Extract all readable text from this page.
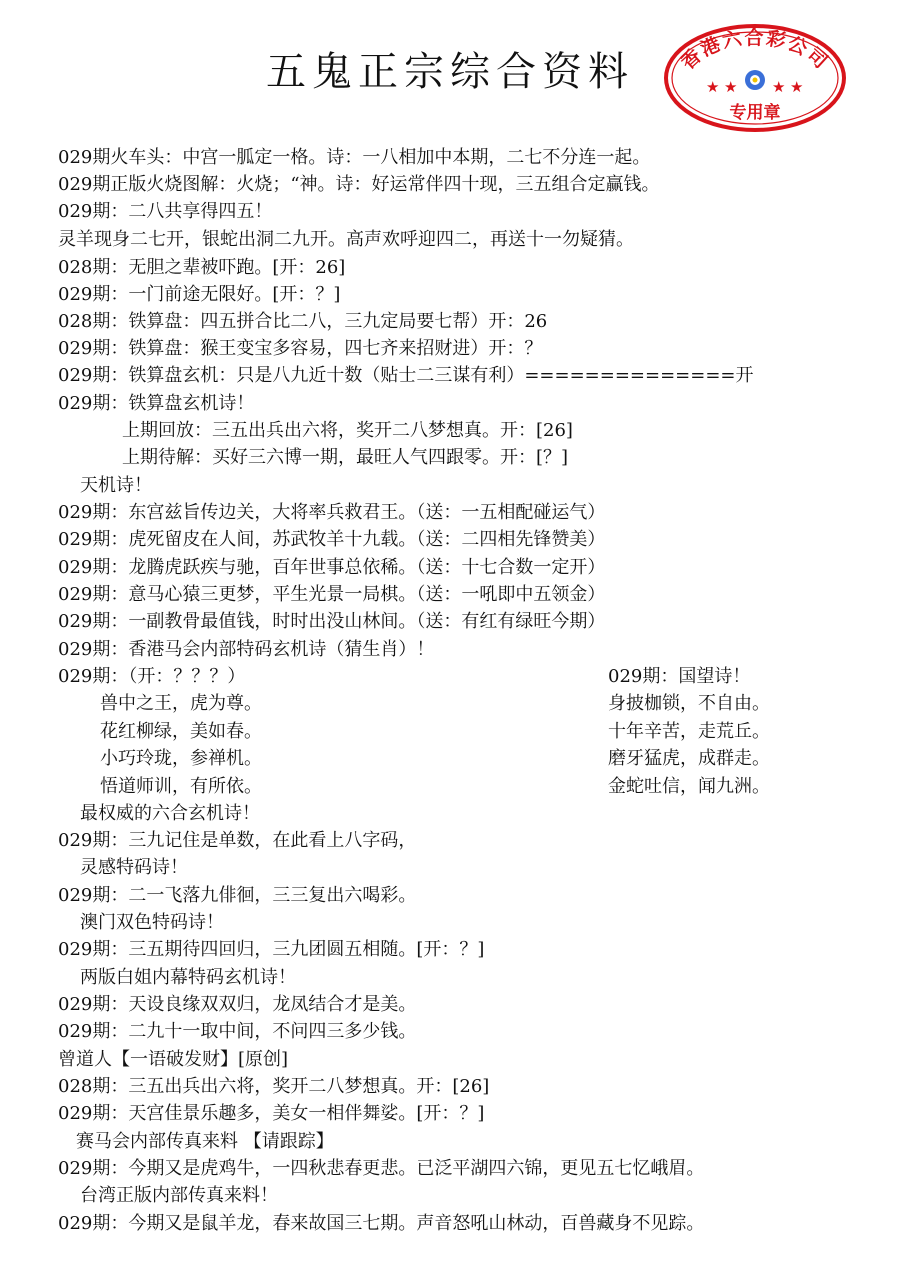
五鬼正宗综合资料	香港六合彩公司
★ ★ ★ ★
专用章
029期火车头：中宫一胍定一格。诗：一八相加中本期，二七不分连一起。
029期正版火烧图解：火烧；“神。诗：好运常伴四十现，三五组合定赢钱。
029期：二八共享得四五！
灵羊现身二七开，银蛇出洞二九开。高声欢呼迎四二，再送十一勿疑猜。
028期：无胆之辈被吓跑。[开：26]
029期：一门前途无限好。[开：？]
028期：铁算盘：四五拼合比二八，三九定局要七帮）开：26
029期：铁算盘：猴王变宝多容易，四七齐来招财进）开：？
029期：铁算盘玄机：只是八九近十数（贴士二三谋有利）==============开
029期：铁算盘玄机诗！
上期回放：三五出兵出六将，奖开二八梦想真。开：[26]
上期待解：买好三六博一期，最旺人气四跟零。开：[？]
天机诗！
029期：东宫兹旨传边关，大将率兵救君王。（送：一五相配碰运气）
029期：虎死留皮在人间，苏武牧羊十九载。（送：二四相先锋赞美）
029期：龙腾虎跃疾与驰，百年世事总依稀。（送：十七合数一定开）
029期：意马心猿三更梦，平生光景一局棋。（送：一吼即中五领金）
029期：一副教骨最值钱，时时出没山林间。（送：有红有绿旺今期）
029期：香港马会内部特码玄机诗（猜生肖）！
029期：（开：？？？）
兽中之王，虎为尊。
花红柳绿，美如春。
小巧玲珑，参禅机。
悟道师训，有所依。
最权威的六合玄机诗！
029期：三九记住是单数，在此看上八字码，
灵感特码诗！
029期：二一飞落九俳徊，三三复出六喝彩。
澳门双色特码诗！
029期：三五期待四回归，三九团圆五相随。[开：？]
两版白姐内幕特码玄机诗！
029期：天设良缘双双归，龙凤结合才是美。
029期：二九十一取中间，不问四三多少钱。
曾道人【一语破发财】[原创]
028期：三五出兵出六将，奖开二八梦想真。开：[26]
029期：天宫佳景乐趣多，美女一相伴舞娑。[开：？]
赛马会内部传真来料 【请跟踪】
029期：今期又是虎鸡牛，一四秋悲春更悲。已泛平湖四六锦，更见五七忆峨眉。
台湾正版内部传真来料！
029期：今期又是鼠羊龙，春来故国三七期。声音怒吼山林动，百兽藏身不见踪。
029期：国望诗！
身披枷锁，不自由。
十年辛苦，走荒丘。
磨牙猛虎，成群走。
金蛇吐信，闻九洲。
